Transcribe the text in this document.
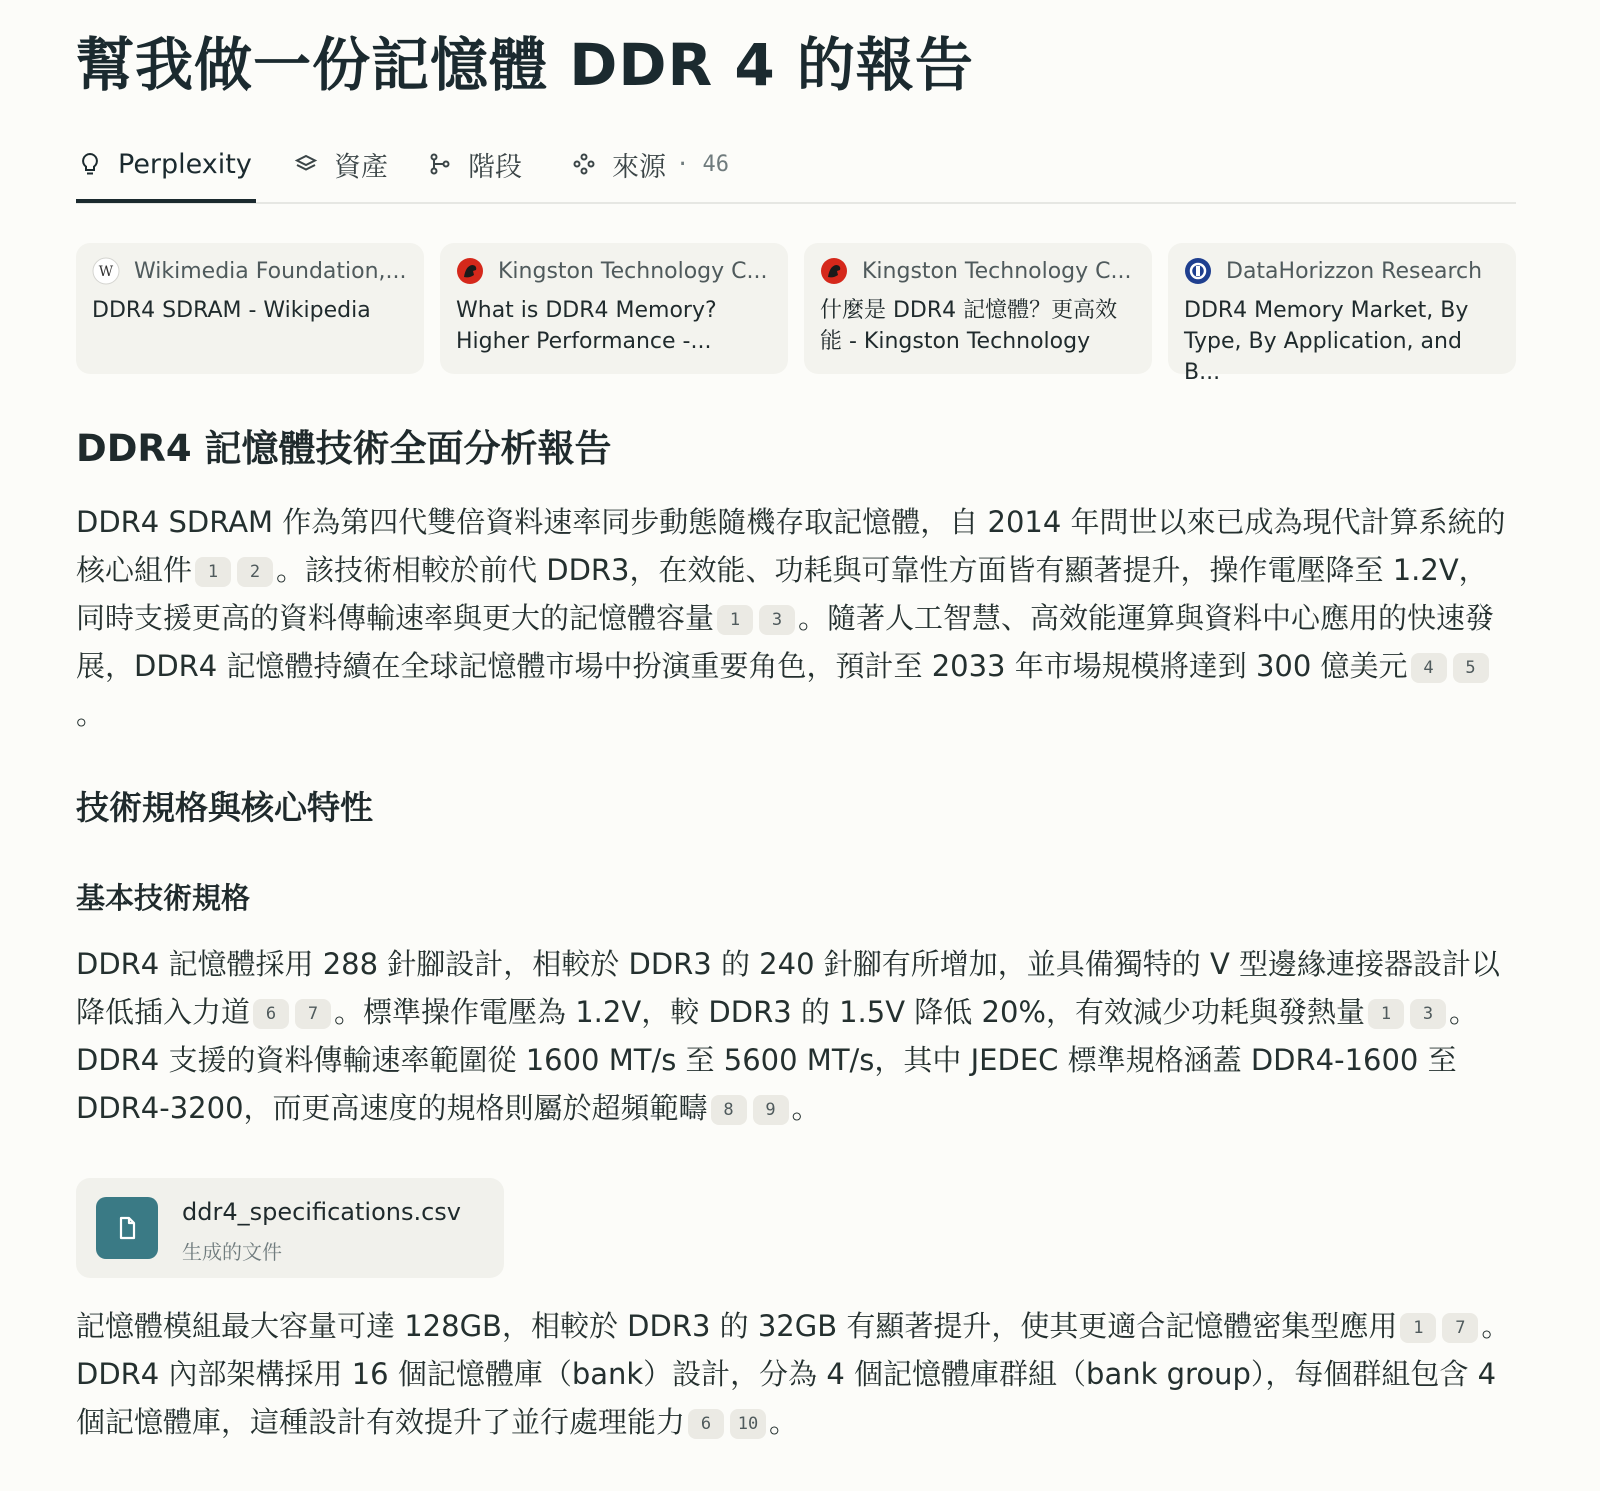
幫我做一份記憶體 DDR 4 的報告
Perplexity	資產	階段	來源 · 46
W Wikimedia Foundation,...
DDR4 SDRAM - Wikipedia
Kingston Technology C...
What is DDR4 Memory? Higher Performance -...
Kingston Technology C...
什麼是 DDR4 記憶體？更高效能 - Kingston Technology
DataHorizzon Research
DDR4 Memory Market, By Type, By Application, and B...
DDR4 記憶體技術全面分析報告

DDR4 SDRAM 作為第四代雙倍資料速率同步動態隨機存取記憶體，自 2014 年問世以來已成為現代計算系統的核心組件 1 2 。該技術相較於前代 DDR3，在效能、功耗與可靠性方面皆有顯著提升，操作電壓降至 1.2V，同時支援更高的資料傳輸速率與更大的記憶體容量 1 3 。隨著人工智慧、高效能運算與資料中心應用的快速發展，DDR4 記憶體持續在全球記憶體市場中扮演重要角色，預計至 2033 年市場規模將達到 300 億美元 4 5。

技術規格與核心特性
基本技術規格

DDR4 記憶體採用 288 針腳設計，相較於 DDR3 的 240 針腳有所增加，並具備獨特的 V 型邊緣連接器設計以降低插入力道 6 7 。標準操作電壓為 1.2V，較 DDR3 的 1.5V 降低 20%，有效減少功耗與發熱量 1 3 。DDR4 支援的資料傳輸速率範圍從 1600 MT/s 至 5600 MT/s，其中 JEDEC 標準規格涵蓋 DDR4-1600 至 DDR4-3200，而更高速度的規格則屬於超頻範疇 8 9 。

ddr4_specifications.csv
生成的文件

記憶體模組最大容量可達 128GB，相較於 DDR3 的 32GB 有顯著提升，使其更適合記憶體密集型應用 1 7 。DDR4 內部架構採用 16 個記憶體庫（bank）設計，分為 4 個記憶體庫群組（bank group），每個群組包含 4 個記憶體庫，這種設計有效提升了並行處理能力 6 10 。
